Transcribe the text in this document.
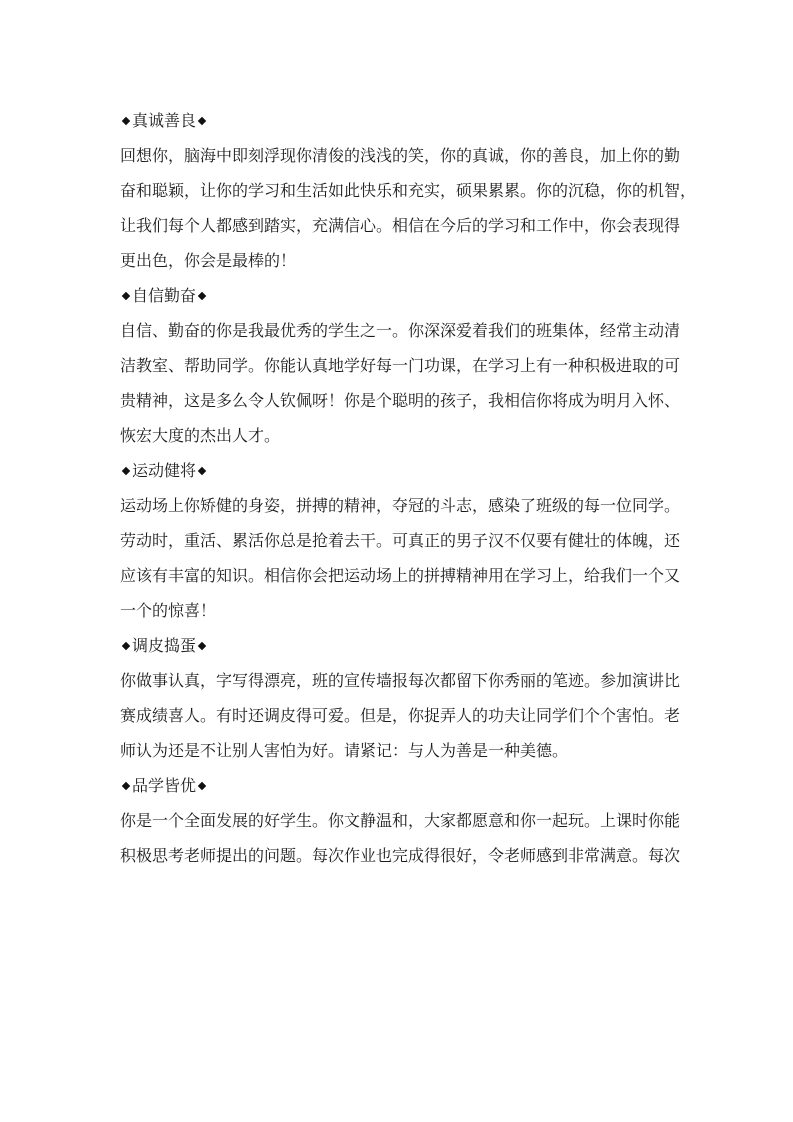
真诚善良
回想你，脑海中即刻浮现你清俊的浅浅的笑，你的真诚，你的善良，加上你的勤
奋和聪颖，让你的学习和生活如此快乐和充实，硕果累累。你的沉稳，你的机智，
让我们每个人都感到踏实，充满信心。相信在今后的学习和工作中，你会表现得
更出色，你会是最棒的！
自信勤奋
自信、勤奋的你是我最优秀的学生之一。你深深爱着我们的班集体，经常主动清
洁教室、帮助同学。你能认真地学好每一门功课，在学习上有一种积极进取的可
贵精神，这是多么令人钦佩呀！你是个聪明的孩子，我相信你将成为明月入怀、
恢宏大度的杰出人才。
运动健将
运动场上你矫健的身姿，拼搏的精神，夺冠的斗志，感染了班级的每一位同学。
劳动时，重活、累活你总是抢着去干。可真正的男子汉不仅要有健壮的体魄，还
应该有丰富的知识。相信你会把运动场上的拼搏精神用在学习上，给我们一个又
一个的惊喜！
调皮捣蛋
你做事认真，字写得漂亮，班的宣传墙报每次都留下你秀丽的笔迹。参加演讲比
赛成绩喜人。有时还调皮得可爱。但是，你捉弄人的功夫让同学们个个害怕。老
师认为还是不让别人害怕为好。请紧记：与人为善是一种美德。
品学皆优
你是一个全面发展的好学生。你文静温和，大家都愿意和你一起玩。上课时你能
积极思考老师提出的问题。每次作业也完成得很好，令老师感到非常满意。每次
